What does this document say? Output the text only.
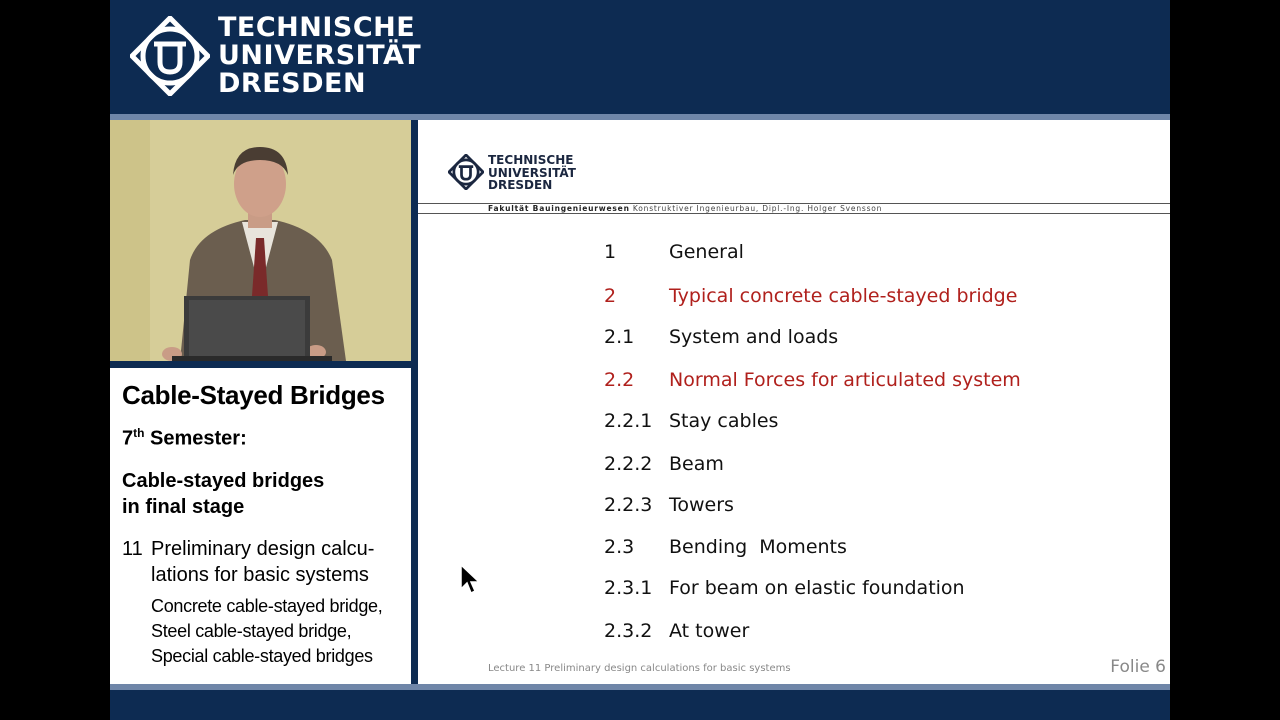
TECHNISCHE
UNIVERSITÄT
DRESDEN
Cable-Stayed Bridges
7th Semester:
Cable-stayed bridges
in final stage
11 Preliminary design calcu-
lations for basic systems
Concrete cable-stayed bridge,
Steel cable-stayed bridge,
Special cable-stayed bridges
TECHNISCHE
UNIVERSITÄT
DRESDEN
Fakultät Bauingenieurwesen Konstruktiver Ingenieurbau, Dipl.-Ing. Holger Svensson
1	General
2	Typical concrete cable-stayed bridge
2.1 System and loads
2.2 Normal Forces for articulated system
2.2.1 Stay cables
2.2.2 Beam
2.2.3 Towers
2.3 Bending  Moments
2.3.1 For beam on elastic foundation
2.3.2 At tower
Lecture 11 Preliminary design calculations for basic systems	Folie 6
